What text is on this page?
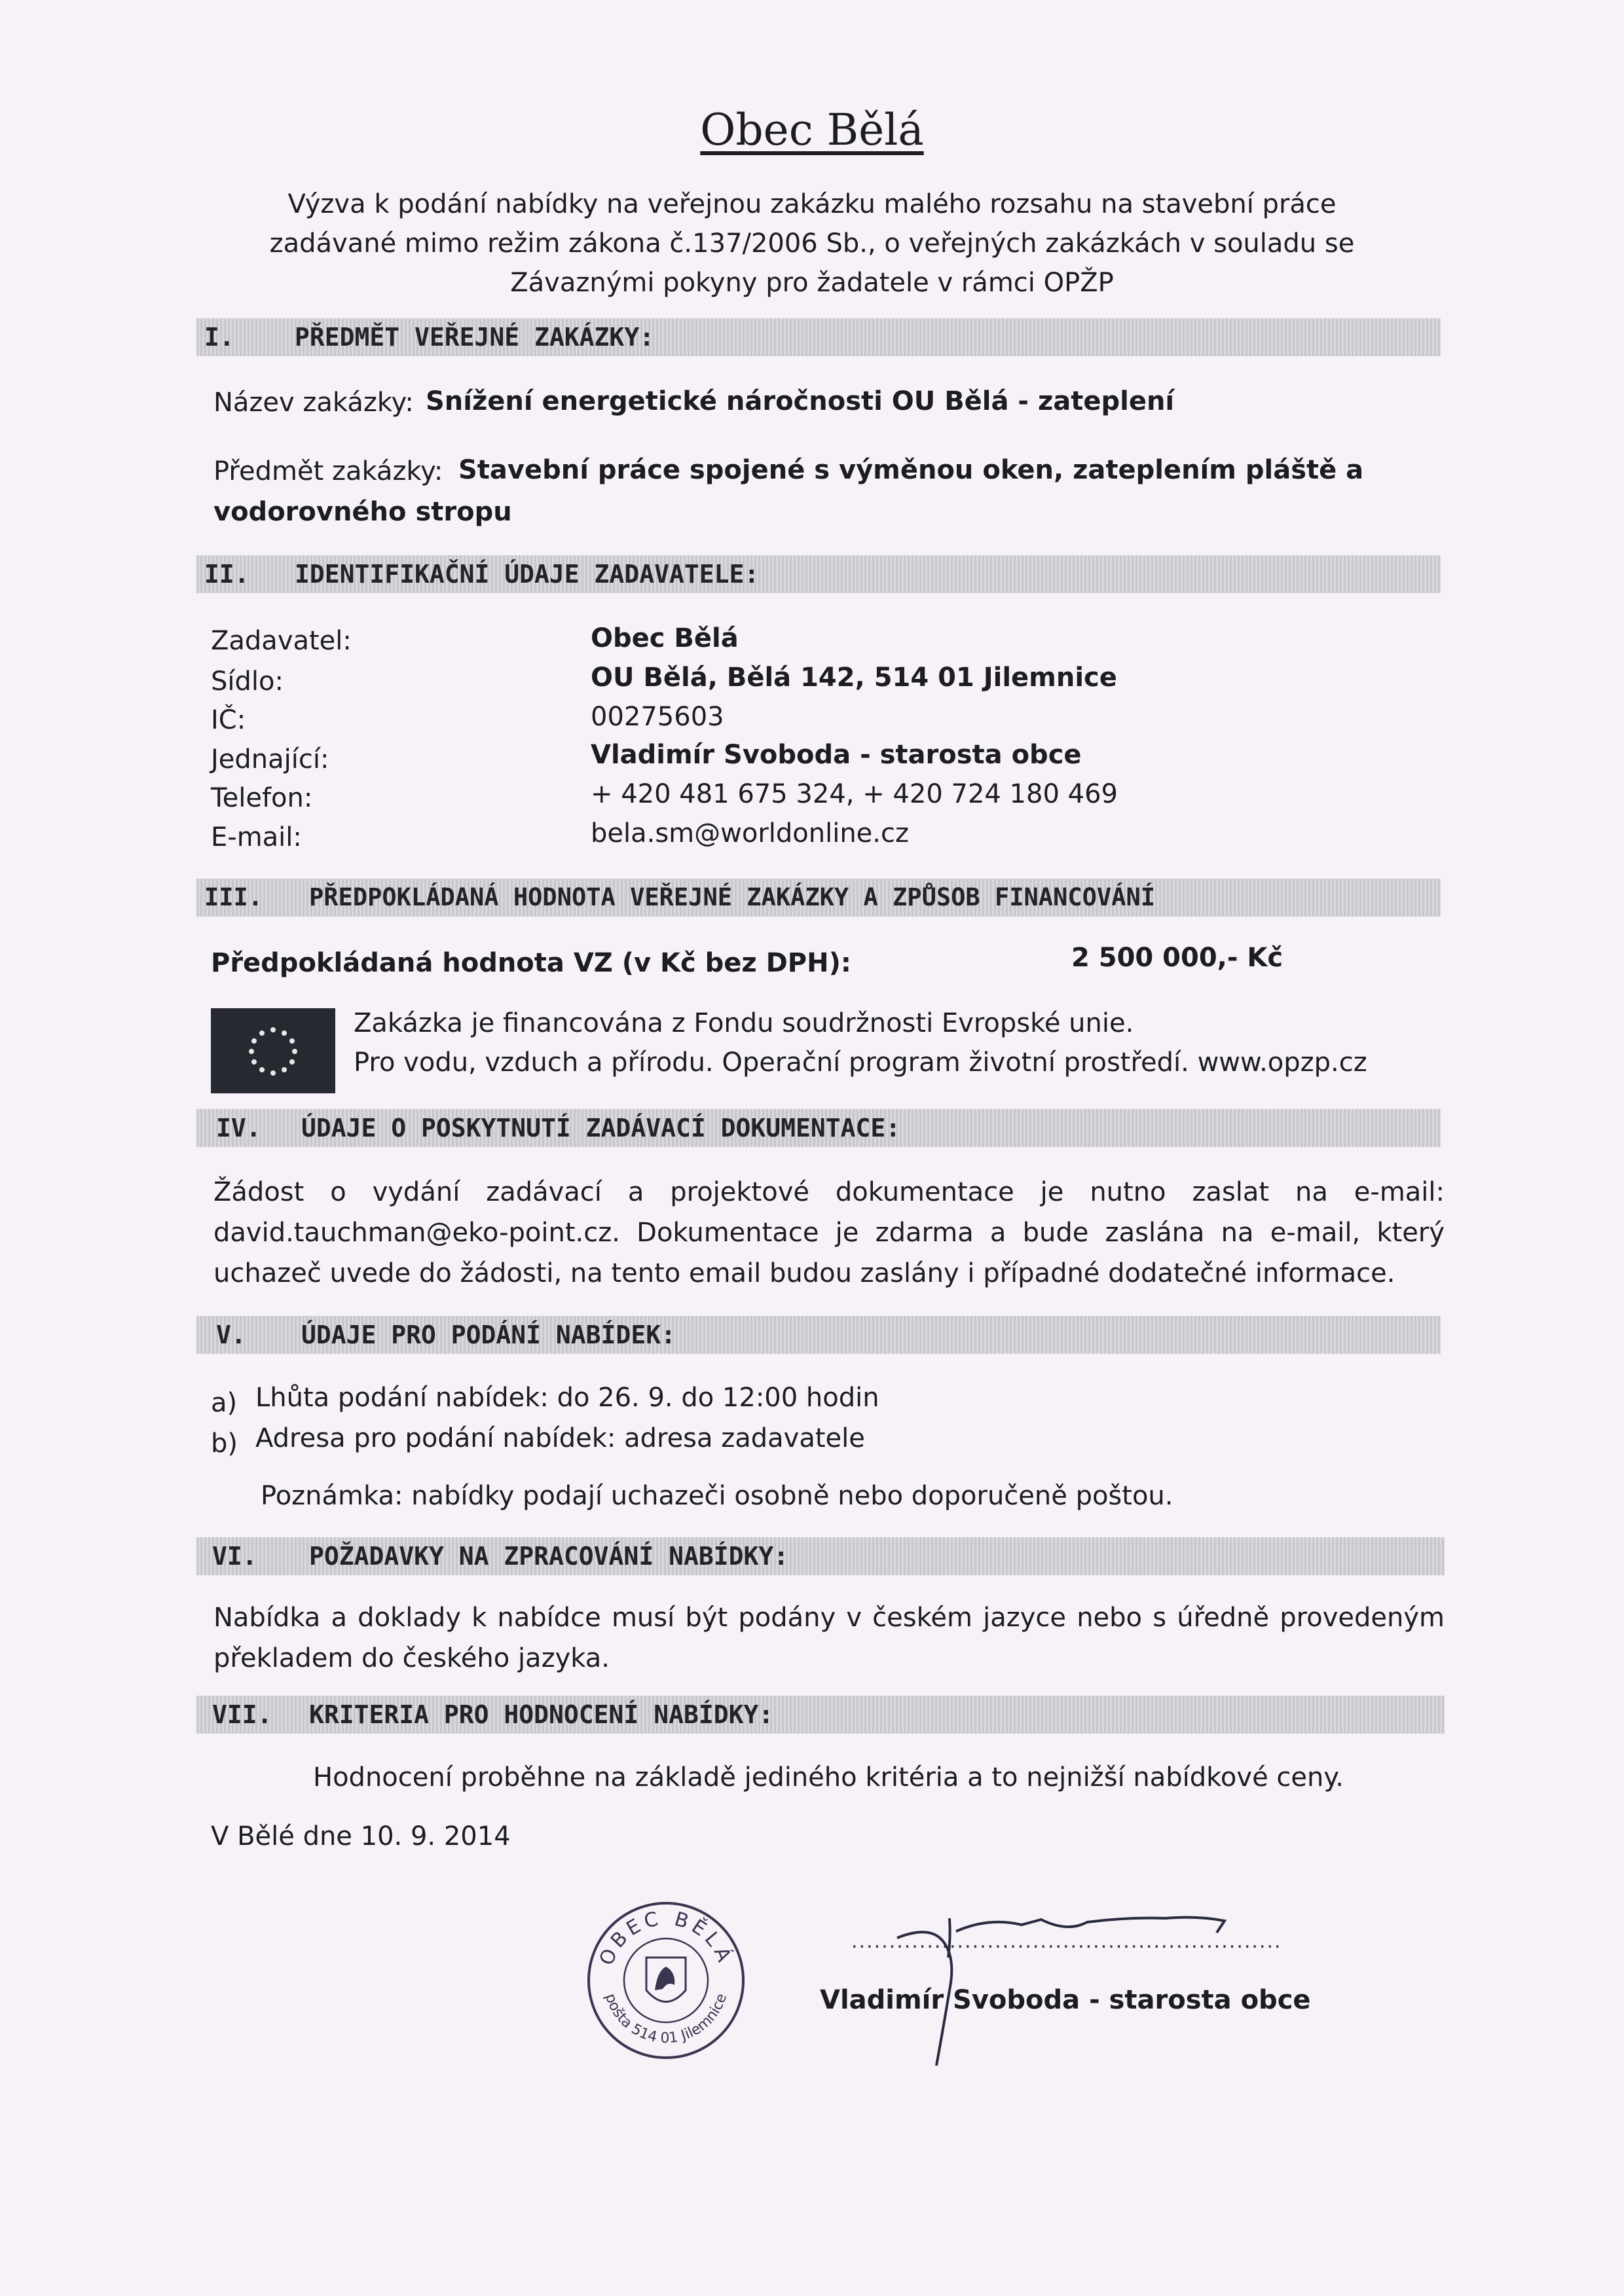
Obec Bělá
Výzva k podání nabídky na veřejnou zakázku malého rozsahu na stavební práce zadávané mimo režim zákona č.137/2006 Sb., o veřejných zakázkách v souladu se Závaznými pokyny pro žadatele v rámci OPŽP
I. PŘEDMĚT VEŘEJNÉ ZAKÁZKY:
Název zakázky: Snížení energetické náročnosti OU Bělá - zateplení
Předmět zakázky: Stavební práce spojené s výměnou oken, zateplením pláště a
vodorovného stropu
II. IDENTIFIKAČNÍ ÚDAJE ZADAVATELE:
Zadavatel:	Obec Bělá
Sídlo:	OU Bělá, Bělá 142, 514 01 Jilemnice
IČ:	00275603
Jednající:	Vladimír Svoboda - starosta obce
Telefon:	+ 420 481 675 324, + 420 724 180 469
E-mail:	bela.sm@worldonline.cz
III. PŘEDPOKLÁDANÁ HODNOTA VEŘEJNÉ ZAKÁZKY A ZPŮSOB FINANCOVÁNÍ
Předpokládaná hodnota VZ (v Kč bez DPH):	2 500 000,- Kč
Zakázka je financována z Fondu soudržnosti Evropské unie.
Pro vodu, vzduch a přírodu. Operační program životní prostředí. www.opzp.cz
IV. ÚDAJE O POSKYTNUTÍ ZADÁVACÍ DOKUMENTACE:
Žádost o vydání zadávací a projektové dokumentace je nutno zaslat na e-mail: david.tauchman@eko-point.cz. Dokumentace je zdarma a bude zaslána na e-mail, který uchazeč uvede do žádosti, na tento email budou zaslány i případné dodatečné informace.
V. ÚDAJE PRO PODÁNÍ NABÍDEK:
a) Lhůta podání nabídek: do 26. 9. do 12:00 hodin
b) Adresa pro podání nabídek: adresa zadavatele
Poznámka: nabídky podají uchazeči osobně nebo doporučeně poštou.
VI. POŽADAVKY NA ZPRACOVÁNÍ NABÍDKY:
Nabídka a doklady k nabídce musí být podány v českém jazyce nebo s úředně provedeným překladem do českého jazyka.
VII. KRITERIA PRO HODNOCENÍ NABÍDKY:
Hodnocení proběhne na základě jediného kritéria a to nejnižší nabídkové ceny.
V Bělé dne 10. 9. 2014
OBEC BĚLÁ
pošta 514 01 Jilemnice
.........................................................
Vladimír Svoboda - starosta obce
